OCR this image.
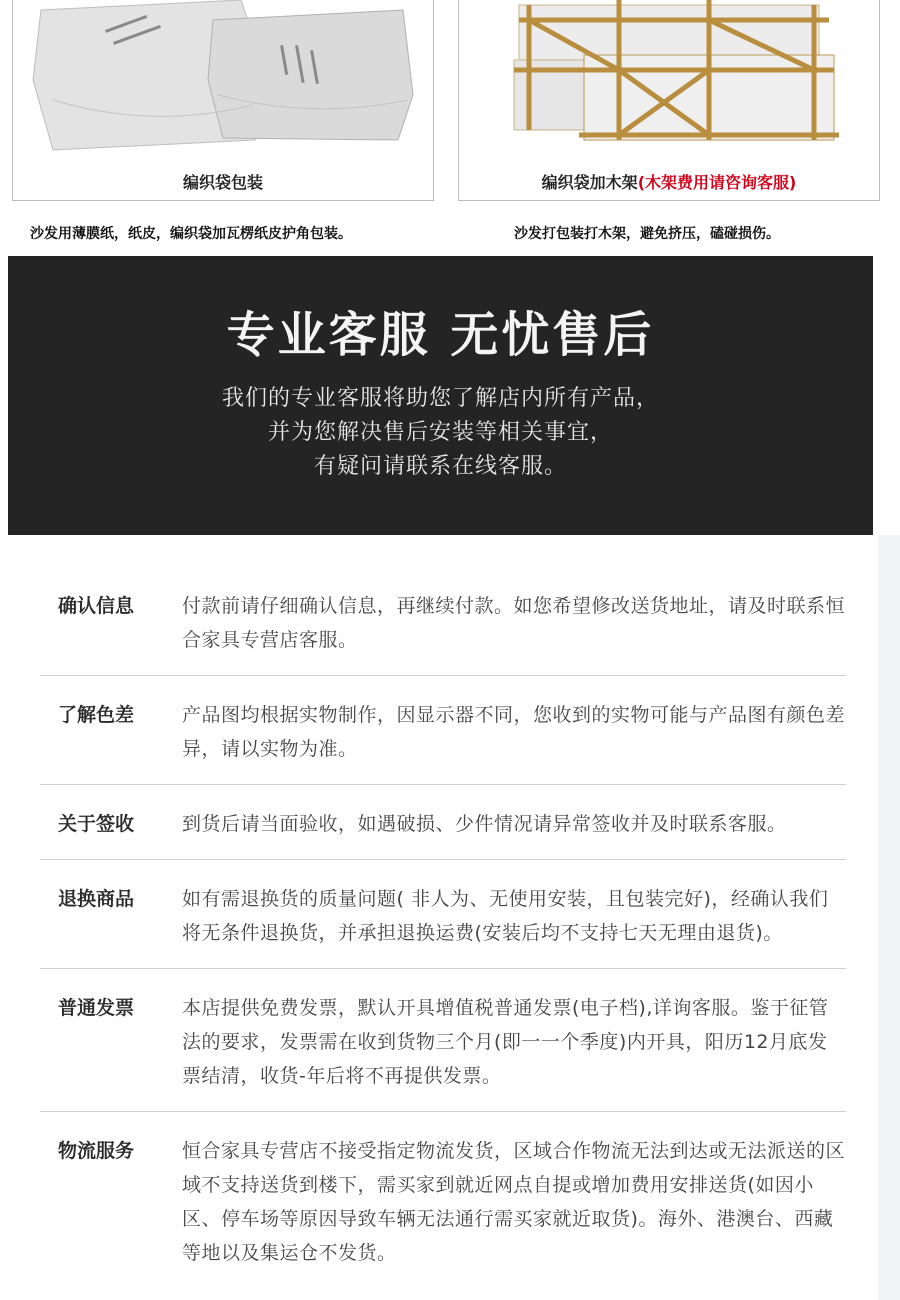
编织袋包装	编织袋加木架(木架费用请咨询客服)
沙发用薄膜纸，纸皮，编织袋加瓦楞纸皮护角包装。	沙发打包装打木架，避免挤压，磕碰损伤。
专业客服 无忧售后
我们的专业客服将助您了解店内所有产品，
并为您解决售后安装等相关事宜，
有疑问请联系在线客服。
确认信息	付款前请仔细确认信息，再继续付款。如您希望修改送货地址，请及时联系恒合家具专营店客服。
了解色差	产品图均根据实物制作，因显示器不同，您收到的实物可能与产品图有颜色差异，请以实物为准。
关于签收	到货后请当面验收，如遇破损、少件情况请异常签收并及时联系客服。
退换商品	如有需退换货的质量问题( 非人为、无使用安装，且包装完好)，经确认我们将无条件退换货，并承担退换运费(安装后均不支持七天无理由退货)。
普通发票	本店提供免费发票，默认开具增值税普通发票(电子档),详询客服。鉴于征管法的要求，发票需在收到货物三个月(即一一个季度)内开具，阳历12月底发票结清，收货-年后将不再提供发票。
物流服务	恒合家具专营店不接受指定物流发货，区域合作物流无法到达或无法派送的区域不支持送货到楼下，需买家到就近网点自提或增加费用安排送货(如因小区、停车场等原因导致车辆无法通行需买家就近取货)。海外、港澳台、西藏等地以及集运仓不发货。
